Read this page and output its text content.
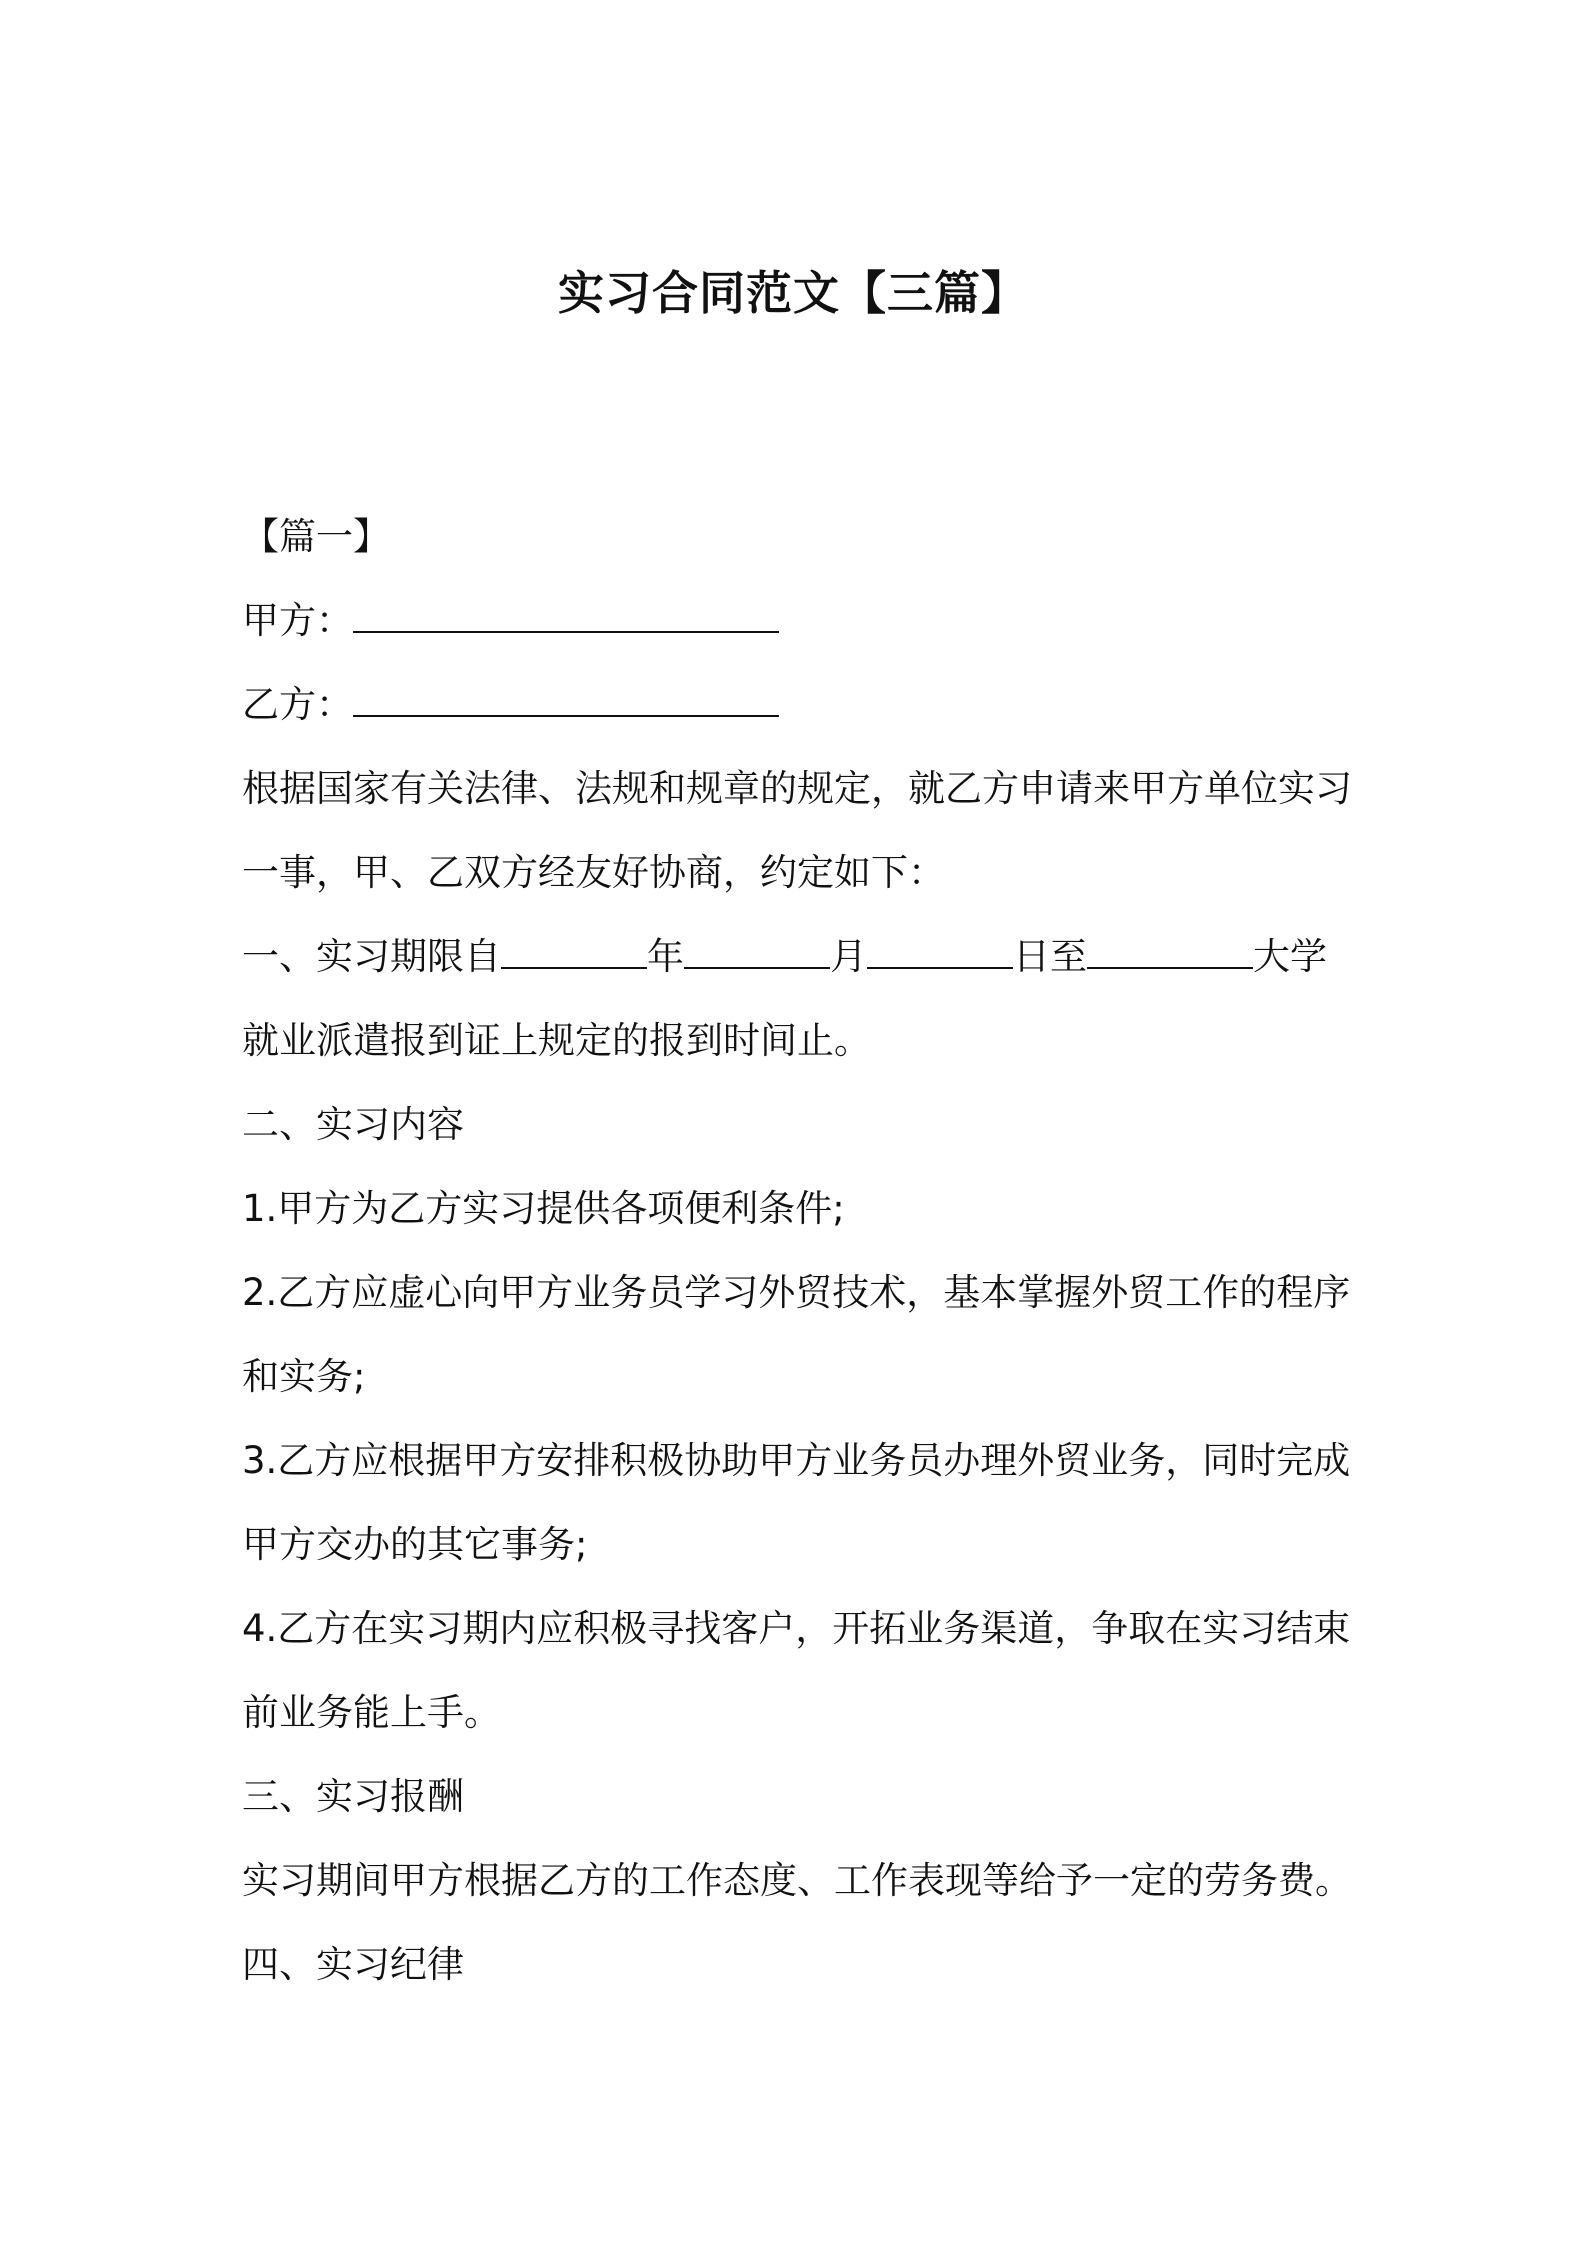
实习合同范文【三篇】
【篇一】
甲方：
乙方：
根据国家有关法律、法规和规章的规定，就乙方申请来甲方单位实习
一事，甲、乙双方经友好协商，约定如下：
一、实习期限自	年	月	日至	大学
就业派遣报到证上规定的报到时间止。
二、实习内容
1.甲方为乙方实习提供各项便利条件;
2.乙方应虚心向甲方业务员学习外贸技术，基本掌握外贸工作的程序
和实务;
3.乙方应根据甲方安排积极协助甲方业务员办理外贸业务，同时完成
甲方交办的其它事务;
4.乙方在实习期内应积极寻找客户，开拓业务渠道，争取在实习结束
前业务能上手。
三、实习报酬
实习期间甲方根据乙方的工作态度、工作表现等给予一定的劳务费。
四、实习纪律
